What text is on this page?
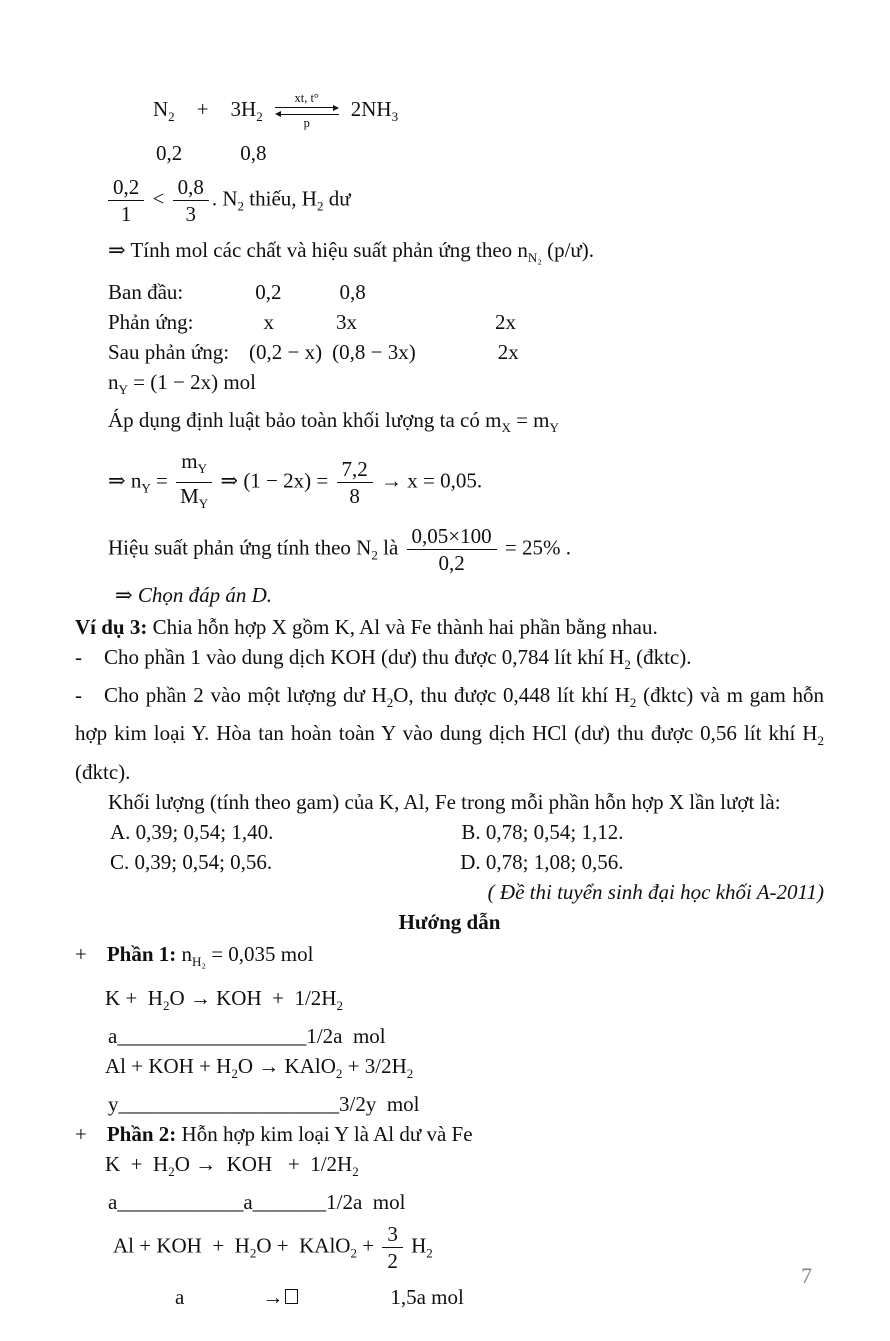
$N_2 + 3H_2$
xt, t°
p
$2NH_3$
0,2	0,8
$\frac{0,2}{1} < \frac{0,8}{3}$ . $N_2$ thiếu, $H_2$ dư
⇒ Tính mol các chất và hiệu suất phản ứng theo $n_{N_2}$ (p/ư).
Ban đầu:	0,2	0,8
Phản ứng:	x	3x	2x
Sau phản ứng: (0,2 − x) (0,8 − 3x)	2x
$n_Y = (1 - 2x)$ mol
Áp dụng định luật bảo toàn khối lượng ta có $m_X = m_Y$
⇒ $n_Y = \frac{m_Y}{M_Y}$ ⇒ $(1 - 2x) = \frac{7,2}{8} \to x = 0,05$.
Hiệu suất phản ứng tính theo $N_2$ là $\frac{0,05\times 100}{0,2} = 25\%$ .
⇒ Chọn đáp án D.
Ví dụ 3: Chia hỗn hợp X gồm K, Al và Fe thành hai phần bằng nhau.
- Cho phần 1 vào dung dịch KOH (dư) thu được 0,784 lít khí $H_2$ (đktc).
- Cho phần 2 vào một lượng dư $H_2O$, thu được 0,448 lít khí $H_2$ (đktc) và m gam hỗn hợp kim loại Y. Hòa tan hoàn toàn Y vào dung dịch HCl (dư) thu được 0,56 lít khí $H_2$ (đktc).
Khối lượng (tính theo gam) của K, Al, Fe trong mỗi phần hỗn hợp X lần lượt là:
A. 0,39; 0,54; 1,40.	B. 0,78; 0,54; 1,12.
C. 0,39; 0,54; 0,56.	D. 0,78; 1,08; 0,56.
( Đề thi tuyển sinh đại học khối A-2011)
Hướng dẫn
+ Phần 1: $n_{H_2} = 0,035$ mol
$K + H_2O$ → KOH  +  $1/2H_2$
a__________________1/2a  mol
Al + KOH + $H_2O$ → KAlO$_2$ + $3/2H_2$
y_____________________3/2y  mol
+ Phần 2: Hỗn hợp kim loại Y là Al dư và Fe
$K + H_2O$ →  KOH   +  $1/2H_2$
a____________a_______1/2a  mol
Al + KOH  +  $H_2O$ +  KAlO$_2$ + $\frac{3}{2} H_2$
a	→	1,5a mol
7
